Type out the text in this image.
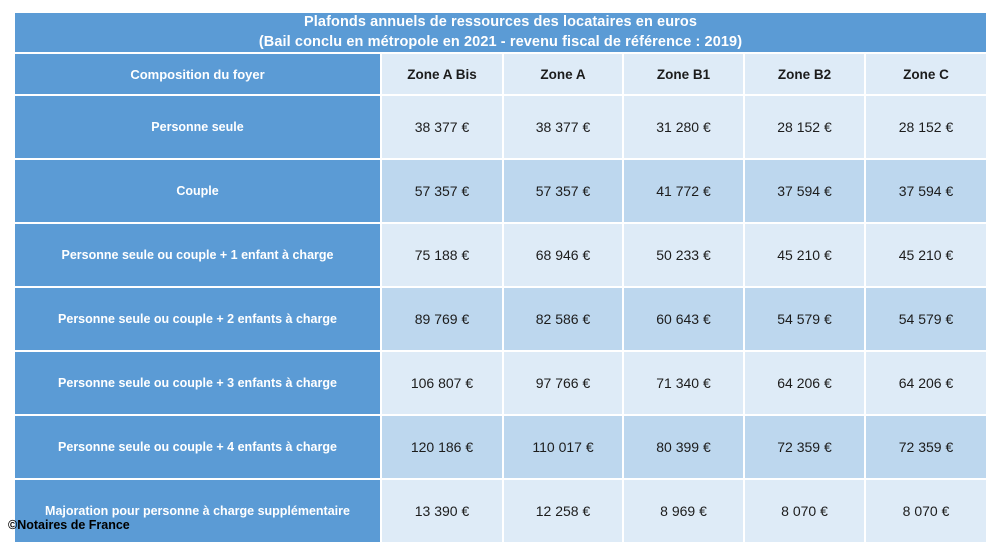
Plafonds annuels de ressources des locataires en euros
(Bail conclu en métropole en 2021 - revenu fiscal de référence : 2019)					

Composition du foyer	Zone A Bis	Zone A	Zone B1	Zone B2	Zone C
Personne seule	38 377 €	38 377 €	31 280 €	28 152 €	28 152 €
Couple	57 357 €	57 357 €	41 772 €	37 594 €	37 594 €
Personne seule ou couple + 1 enfant à charge	75 188 €	68 946 €	50 233 €	45 210 €	45 210 €
Personne seule ou couple + 2 enfants à charge	89 769 €	82 586 €	60 643 €	54 579 €	54 579 €
Personne seule ou couple + 3 enfants à charge	106 807 €	97 766 €	71 340 €	64 206 €	64 206 €
Personne seule ou couple + 4 enfants à charge	120 186 €	110 017 €	80 399 €	72 359 €	72 359 €
Majoration pour personne à charge supplémentaire	13 390 €	12 258 €	8 969 €	8 070 €	8 070 €
©Notaires de France
